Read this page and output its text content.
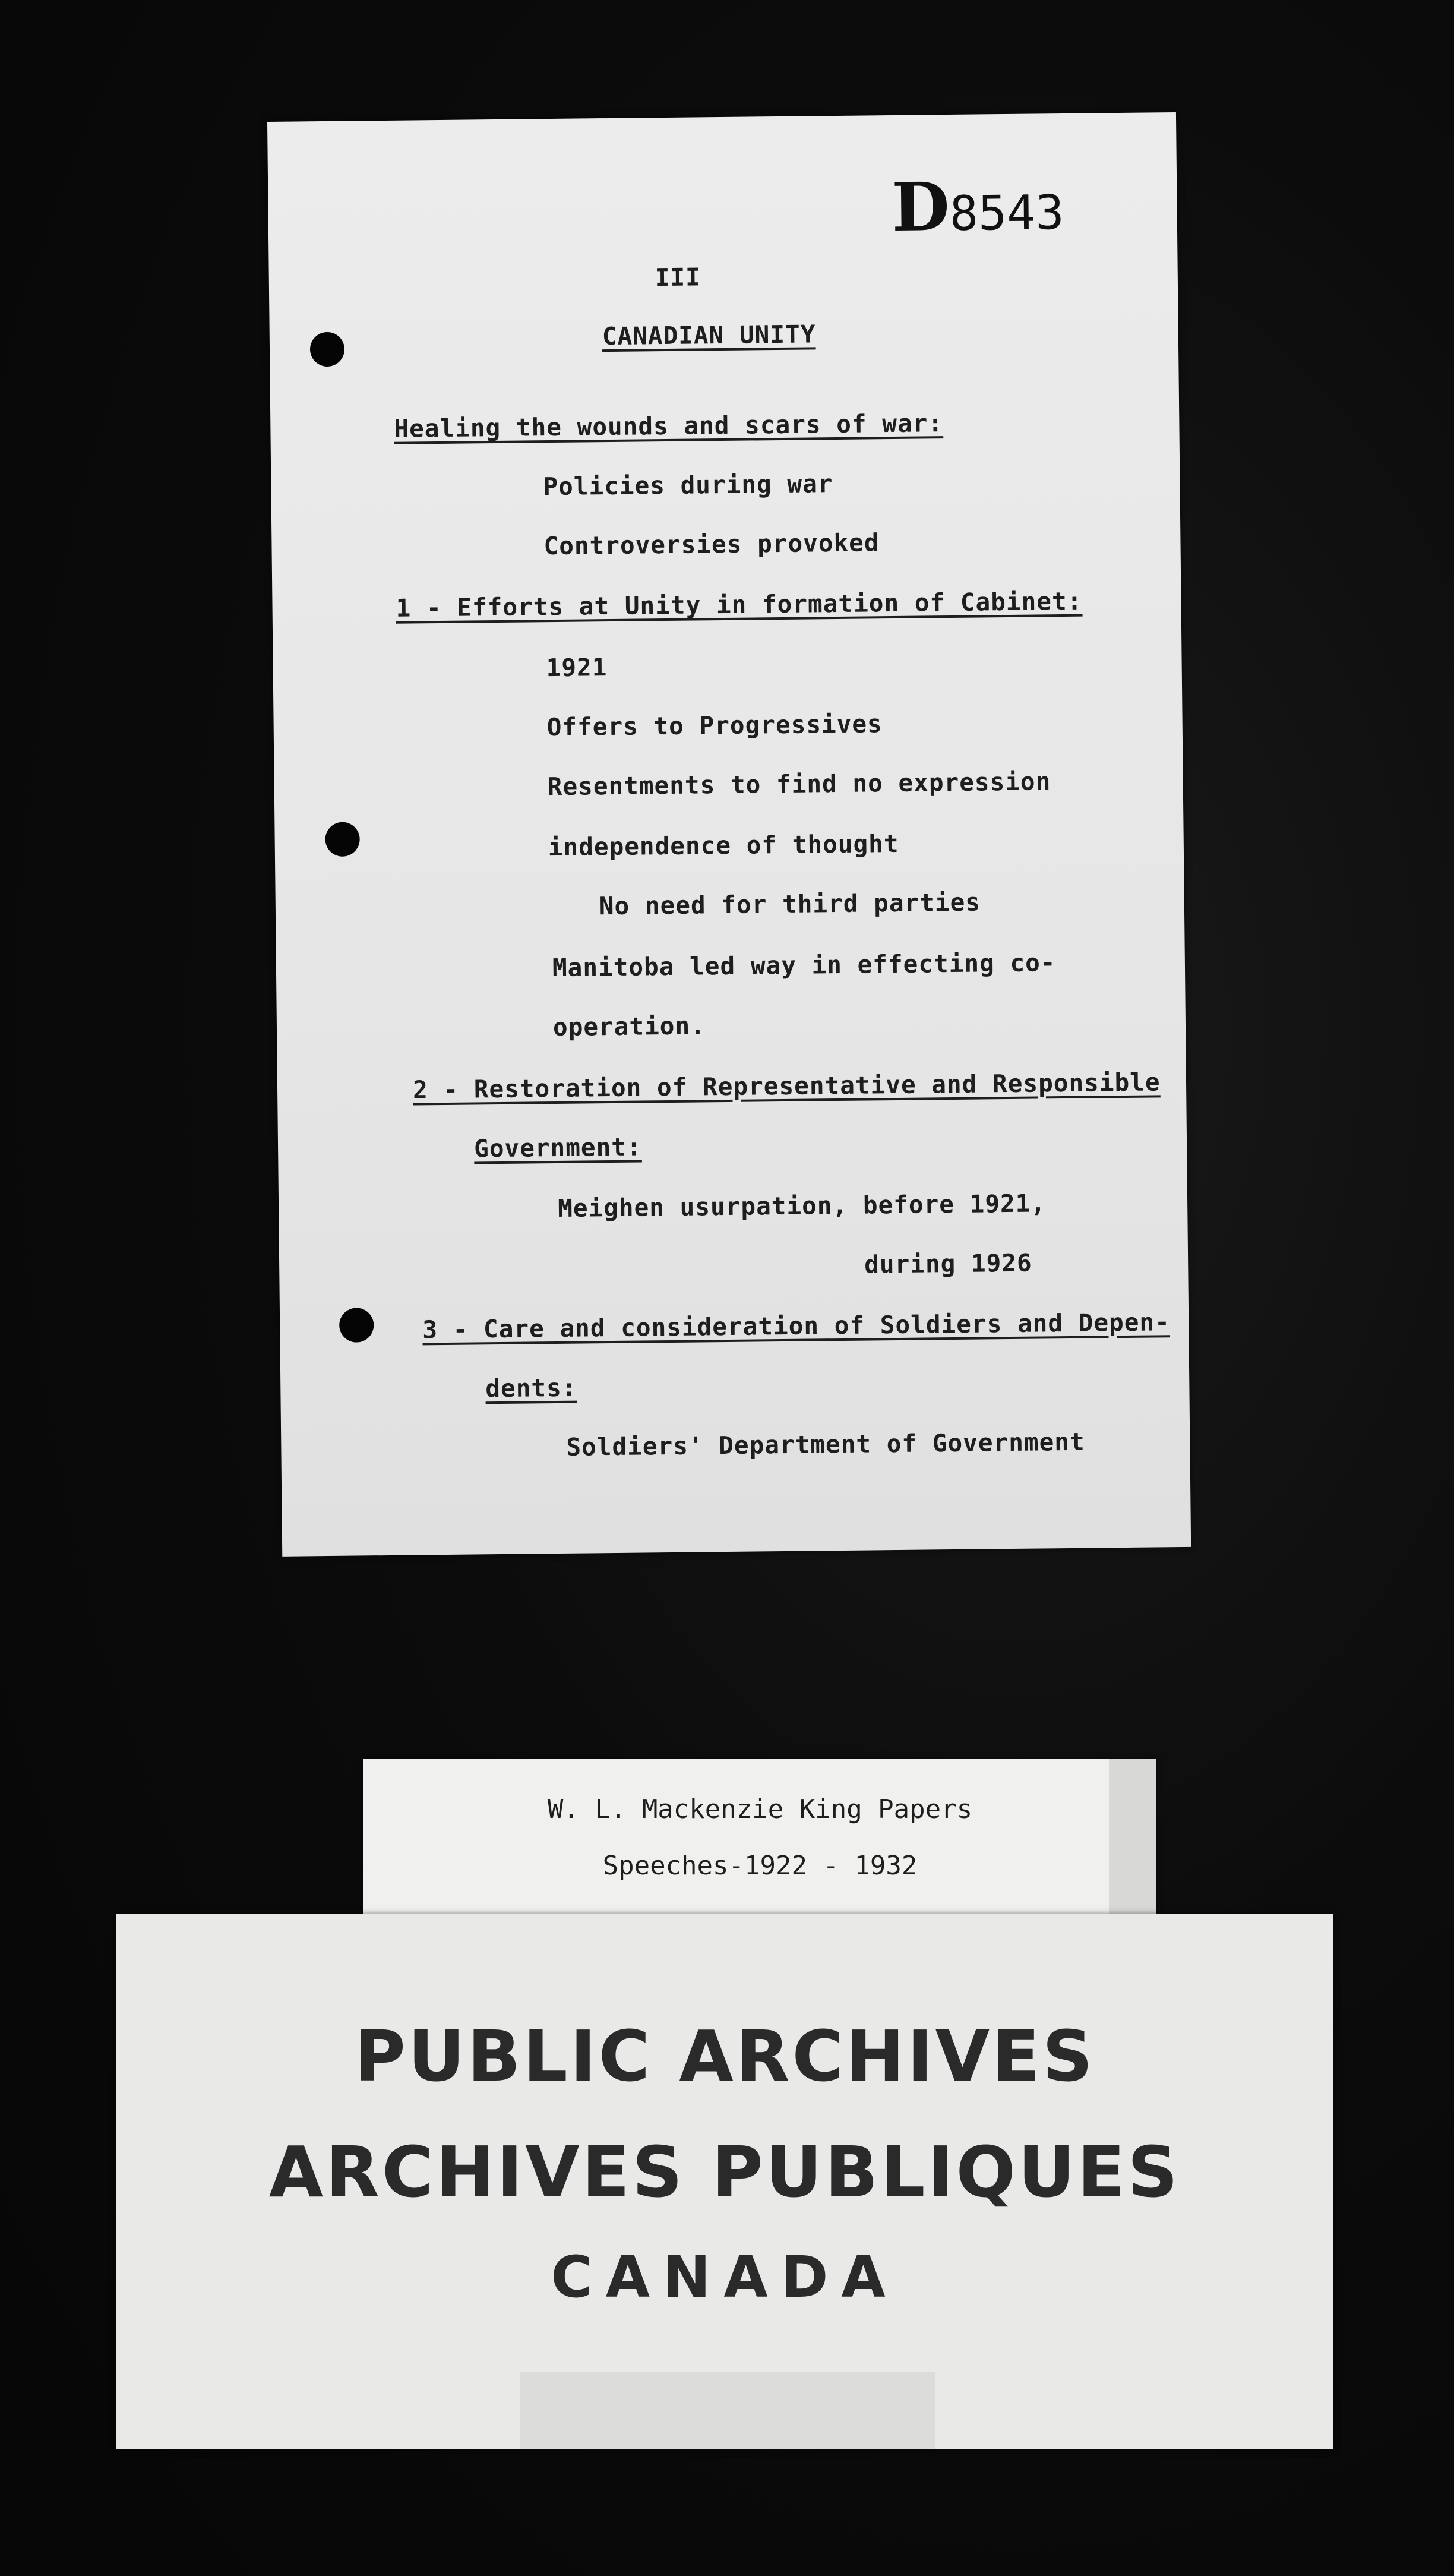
D8543
III
CANADIAN UNITY
Healing the wounds and scars of war:
Policies during war
Controversies provoked
1 - Efforts at Unity in formation of Cabinet:
1921
Offers to Progressives
Resentments to find no expression
independence of thought
No need for third parties
Manitoba led way in effecting co-
operation.
2 - Restoration of Representative and Responsible
Government:
Meighen usurpation, before 1921,
during 1926
3 - Care and consideration of Soldiers and Depen-
dents:
Soldiers' Department of Government
W. L. Mackenzie King Papers
Speeches-1922 - 1932
PUBLIC ARCHIVES
ARCHIVES PUBLIQUES
CANADA
